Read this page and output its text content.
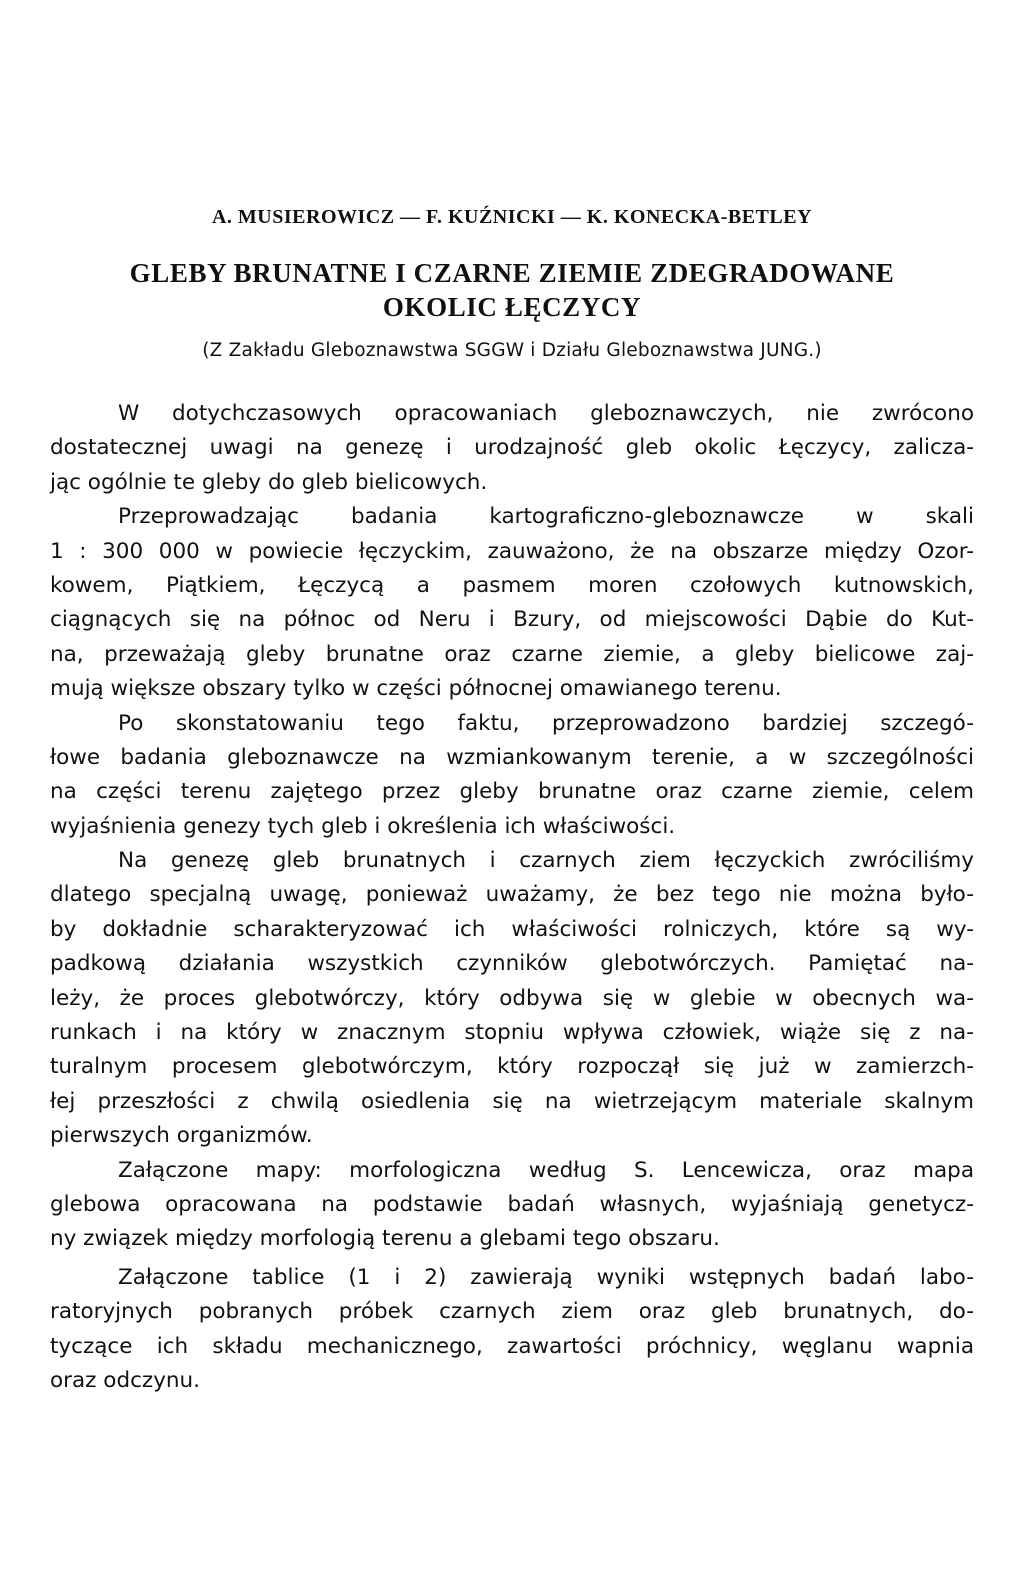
A. MUSIEROWICZ — F. KUŹNICKI — K. KONECKA-BETLEY
GLEBY BRUNATNE I CZARNE ZIEMIE ZDEGRADOWANE
OKOLIC ŁĘCZYCY
(Z Zakładu Gleboznawstwa SGGW i Działu Gleboznawstwa JUNG.)
W dotychczasowych opracowaniach gleboznawczych, nie zwrócono
dostatecznej uwagi na genezę i urodzajność gleb okolic Łęczycy, zalicza-
jąc ogólnie te gleby do gleb bielicowych.
Przeprowadzając badania kartograficzno-gleboznawcze w skali
1 : 300 000 w powiecie łęczyckim, zauważono, że na obszarze między Ozor-
kowem, Piątkiem, Łęczycą a pasmem moren czołowych kutnowskich,
ciągnących się na północ od Neru i Bzury, od miejscowości Dąbie do Kut-
na, przeważają gleby brunatne oraz czarne ziemie, a gleby bielicowe zaj-
mują większe obszary tylko w części północnej omawianego terenu.
Po skonstatowaniu tego faktu, przeprowadzono bardziej szczegó-
łowe badania gleboznawcze na wzmiankowanym terenie, a w szczególności
na części terenu zajętego przez gleby brunatne oraz czarne ziemie, celem
wyjaśnienia genezy tych gleb i określenia ich właściwości.
Na genezę gleb brunatnych i czarnych ziem łęczyckich zwróciliśmy
dlatego specjalną uwagę, ponieważ uważamy, że bez tego nie można było-
by dokładnie scharakteryzować ich właściwości rolniczych, które są wy-
padkową działania wszystkich czynników glebotwórczych. Pamiętać na-
leży, że proces glebotwórczy, który odbywa się w glebie w obecnych wa-
runkach i na który w znacznym stopniu wpływa człowiek, wiąże się z na-
turalnym procesem glebotwórczym, który rozpoczął się już w zamierzch-
łej przeszłości z chwilą osiedlenia się na wietrzejącym materiale skalnym
pierwszych organizmów.
Załączone mapy: morfologiczna według S. Lencewicza, oraz mapa
glebowa opracowana na podstawie badań własnych, wyjaśniają genetycz-
ny związek między morfologią terenu a glebami tego obszaru.
Załączone tablice (1 i 2) zawierają wyniki wstępnych badań labo-
ratoryjnych pobranych próbek czarnych ziem oraz gleb brunatnych, do-
tyczące ich składu mechanicznego, zawartości próchnicy, węglanu wapnia
oraz odczynu.
